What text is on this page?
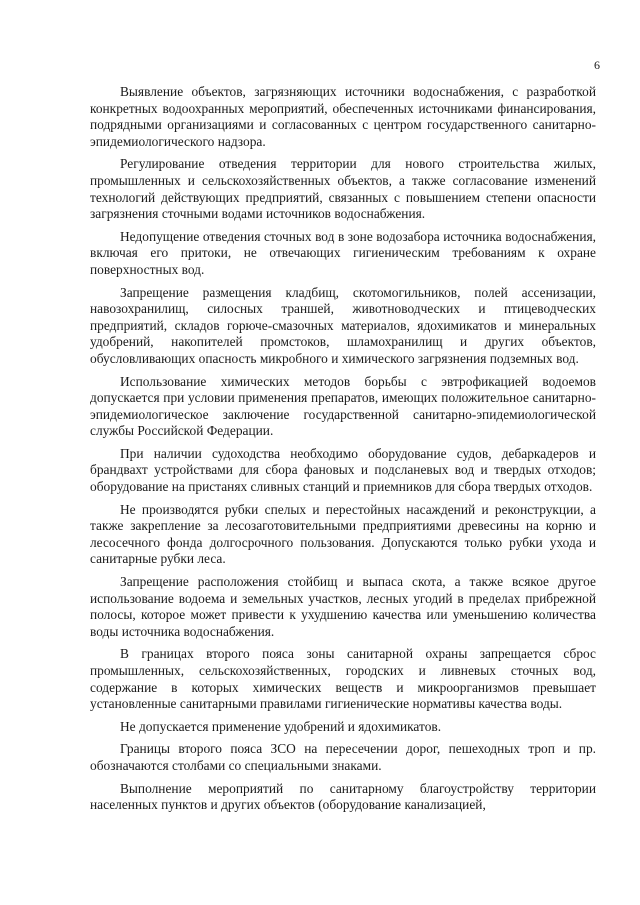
6

Выявление объектов, загрязняющих источники водоснабжения, с разработкой конкретных водоохранных мероприятий, обеспеченных источниками финансирования, подрядными организациями и согласованных с центром государственного санитарно-эпидемиологического надзора.

Регулирование отведения территории для нового строительства жилых, промышленных и сельскохозяйственных объектов, а также согласование изменений технологий действующих предприятий, связанных с повышением степени опасности загрязнения сточными водами источников водоснабжения.

Недопущение отведения сточных вод в зоне водозабора источника водоснабжения, включая его притоки, не отвечающих гигиеническим требованиям к охране поверхностных вод.

Запрещение размещения кладбищ, скотомогильников, полей ассенизации, навозохранилищ, силосных траншей, животноводческих и птицеводческих предприятий, складов горюче-смазочных материалов, ядохимикатов и минеральных удобрений, накопителей промстоков, шламохранилищ и других объектов, обусловливающих опасность микробного и химического загрязнения подземных вод.

Использование химических методов борьбы с эвтрофикацией водоемов допускается при условии применения препаратов, имеющих положительное санитарно-эпидемиологическое заключение государственной санитарно-эпидемиологической службы Российской Федерации.

При наличии судоходства необходимо оборудование судов, дебаркадеров и брандвахт устройствами для сбора фановых и подсланевых вод и твердых отходов; оборудование на пристанях сливных станций и приемников для сбора твердых отходов.

Не производятся рубки спелых и перестойных насаждений и реконструкции, а также закрепление за лесозаготовительными предприятиями древесины на корню и лесосечного фонда долгосрочного пользования. Допускаются только рубки ухода и санитарные рубки леса.

Запрещение расположения стойбищ и выпаса скота, а также всякое другое использование водоема и земельных участков, лесных угодий в пределах прибрежной полосы, которое может привести к ухудшению качества или уменьшению количества воды источника водоснабжения.

В границах второго пояса зоны санитарной охраны запрещается сброс промышленных, сельскохозяйственных, городских и ливневых сточных вод, содержание в которых химических веществ и микроорганизмов превышает установленные санитарными правилами гигиенические нормативы качества воды.

Не допускается применение удобрений и ядохимикатов.

Границы второго пояса ЗСО на пересечении дорог, пешеходных троп и пр. обозначаются столбами со специальными знаками.

Выполнение мероприятий по санитарному благоустройству территории населенных пунктов и других объектов (оборудование канализацией,
